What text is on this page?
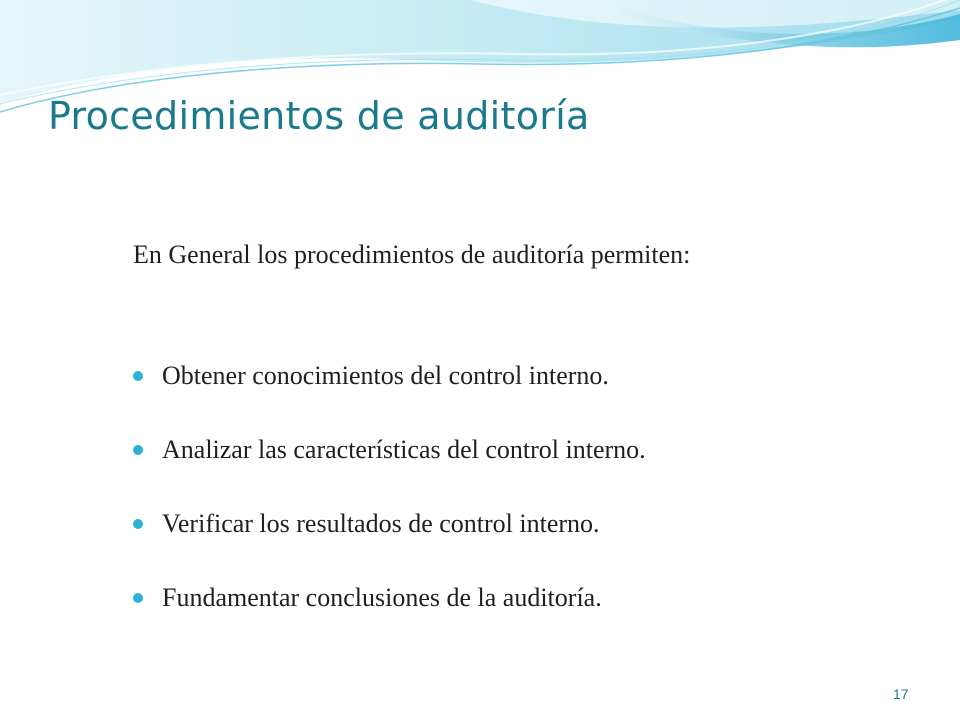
Procedimientos de auditoría

En General los procedimientos de auditoría permiten:

Obtener conocimientos del control interno.
Analizar las características del control interno.
Verificar los resultados de control interno.
Fundamentar conclusiones de la auditoría.
17
